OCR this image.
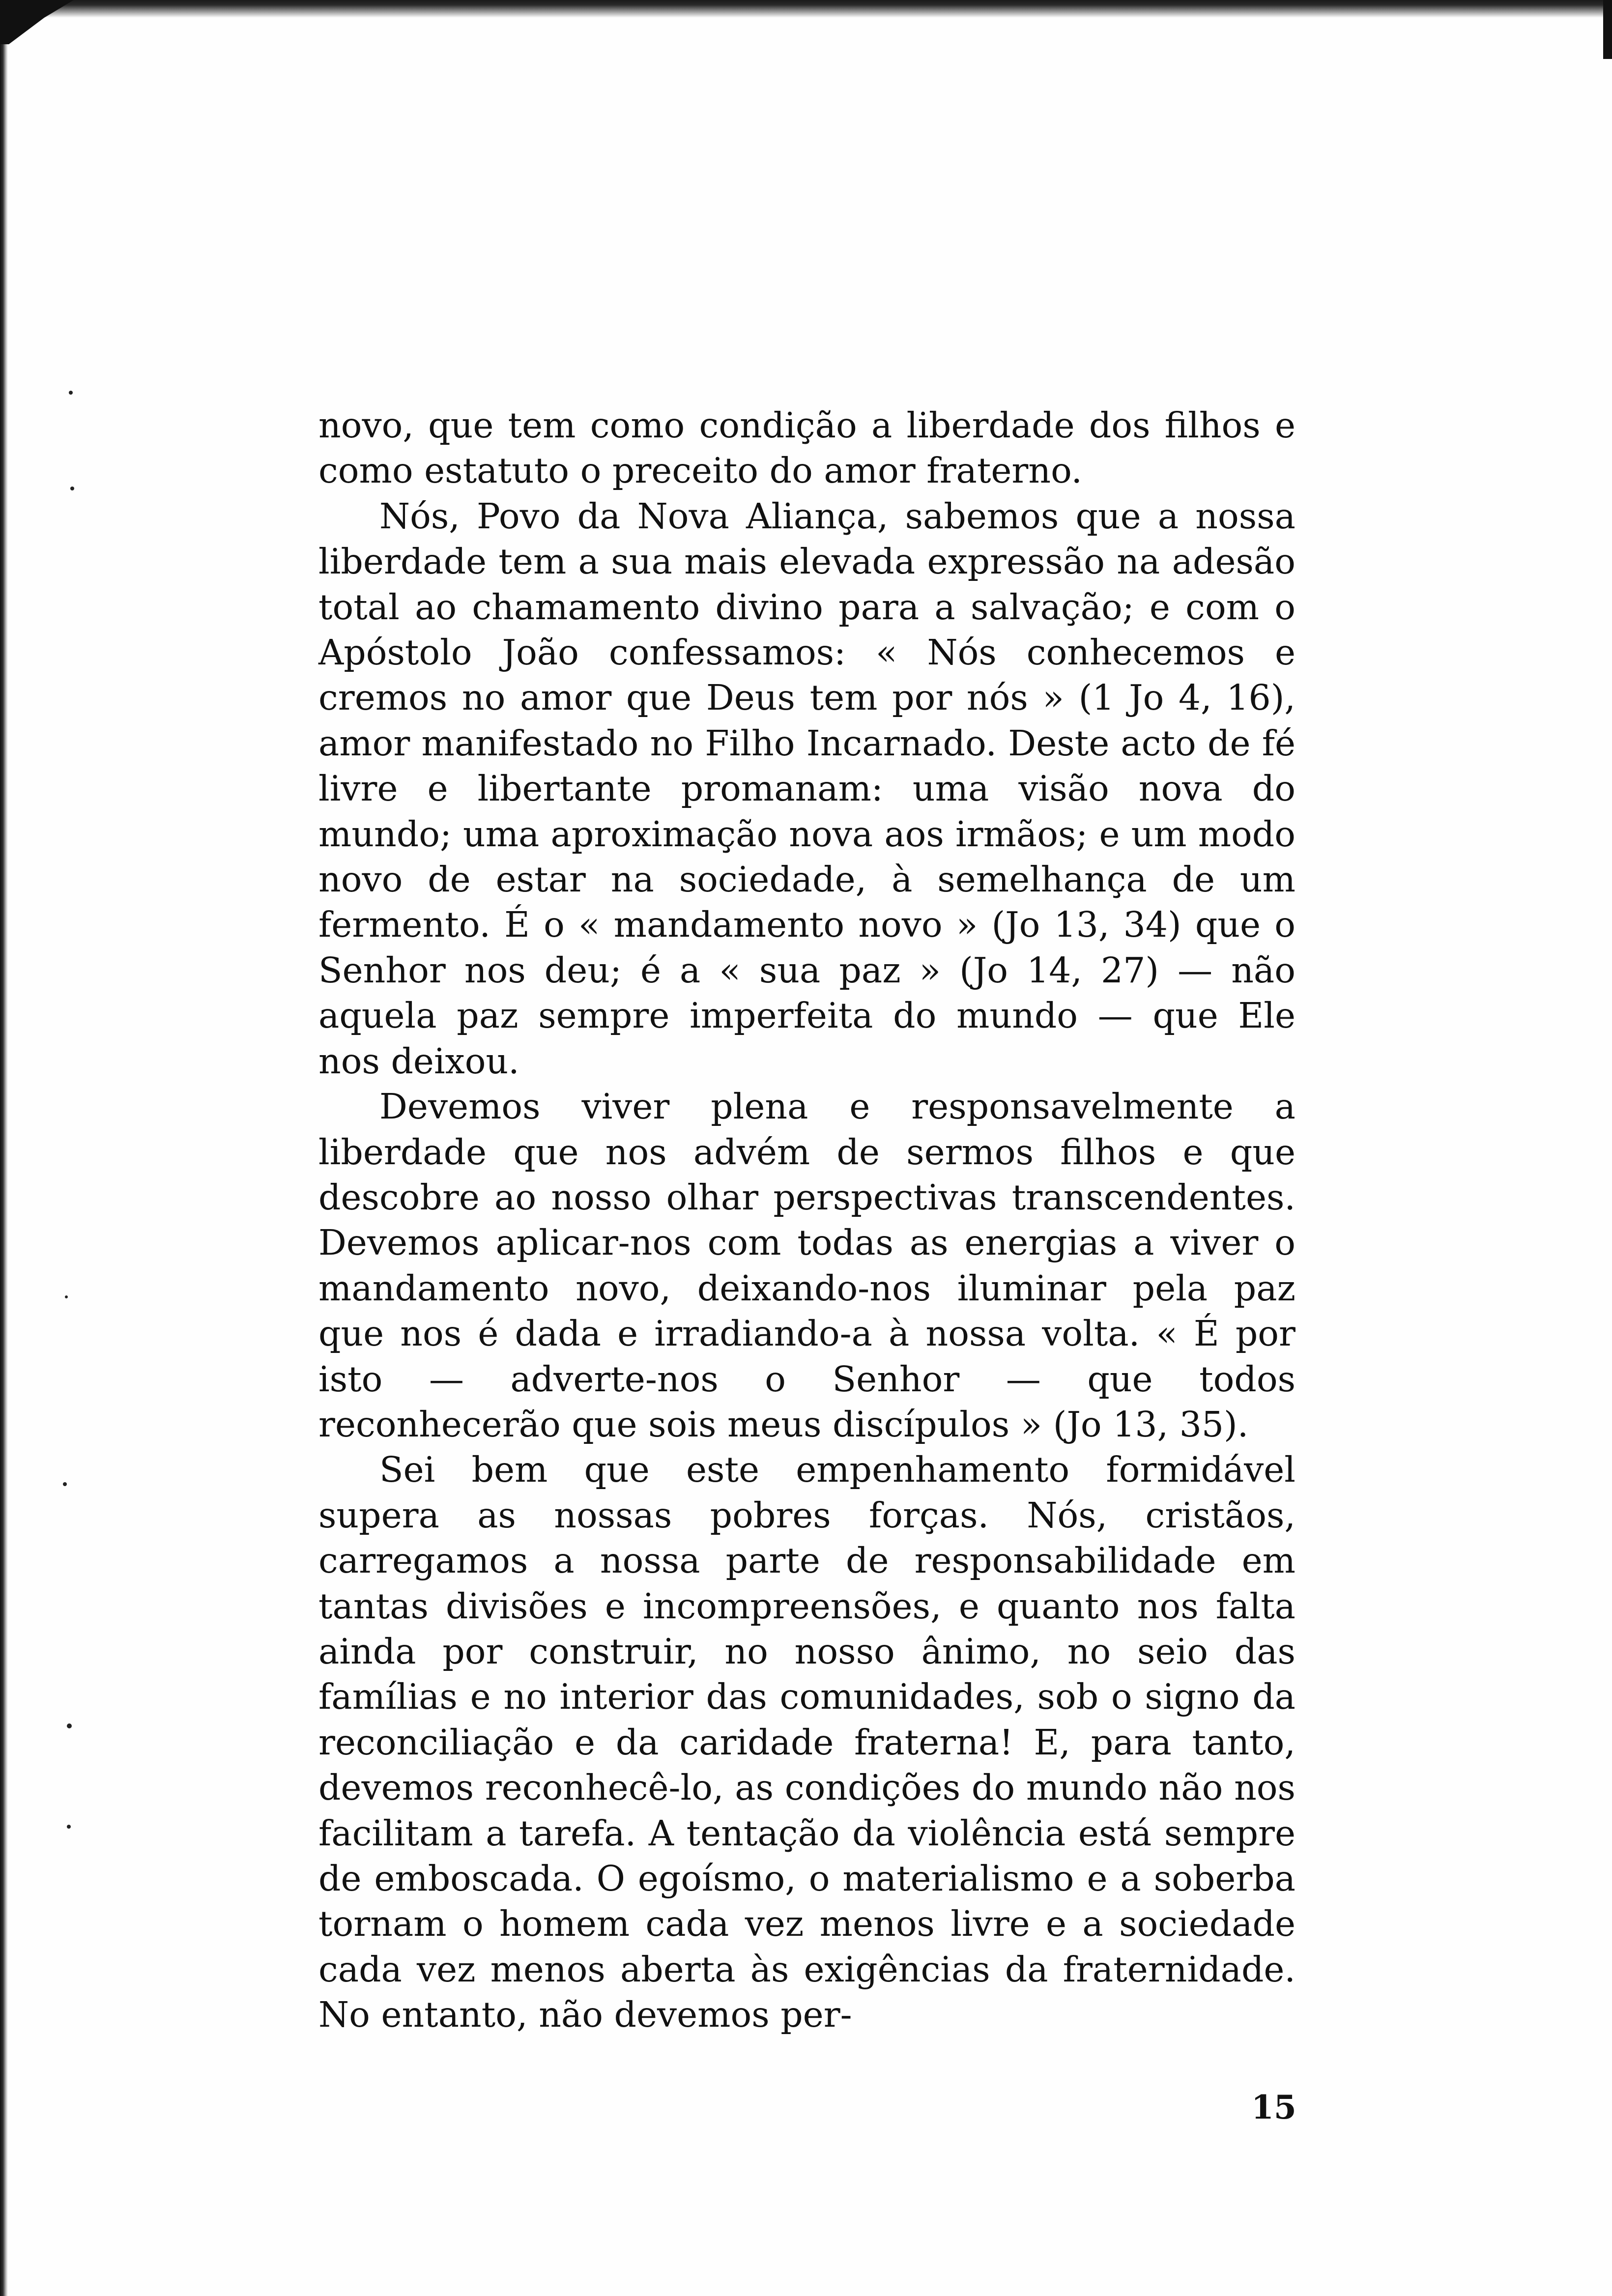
novo, que tem como condição a liberdade dos filhos e como estatuto o preceito do amor fraterno.

Nós, Povo da Nova Aliança, sabemos que a nossa liberdade tem a sua mais elevada expressão na adesão total ao chamamento divino para a salvação; e com o Apóstolo João confessamos: « Nós conhecemos e cremos no amor que Deus tem por nós » (1 Jo 4, 16), amor manifestado no Filho Incarnado. Deste acto de fé livre e libertante promanam: uma visão nova do mundo; uma aproximação nova aos irmãos; e um modo novo de estar na sociedade, à semelhança de um fermento. É o « mandamento novo » (Jo 13, 34) que o Senhor nos deu; é a « sua paz » (Jo 14, 27) — não aquela paz sempre imperfeita do mundo — que Ele nos deixou.

Devemos viver plena e responsavelmente a liberdade que nos advém de sermos filhos e que descobre ao nosso olhar perspectivas transcendentes. Devemos aplicar-nos com todas as energias a viver o mandamento novo, deixando-nos iluminar pela paz que nos é dada e irradiando-a à nossa volta. « É por isto — adverte-nos o Senhor — que todos reconhecerão que sois meus discípulos » (Jo 13, 35).

Sei bem que este empenhamento formidável supera as nossas pobres forças. Nós, cristãos, carregamos a nossa parte de responsabilidade em tantas divisões e incompreensões, e quanto nos falta ainda por construir, no nosso ânimo, no seio das famílias e no interior das comunidades, sob o signo da reconciliação e da caridade fraterna! E, para tanto, devemos reconhecê-lo, as condições do mundo não nos facilitam a tarefa. A tentação da violência está sempre de emboscada. O egoísmo, o materialismo e a soberba tornam o homem cada vez menos livre e a sociedade cada vez menos aberta às exigências da fraternidade. No entanto, não devemos per-

15
